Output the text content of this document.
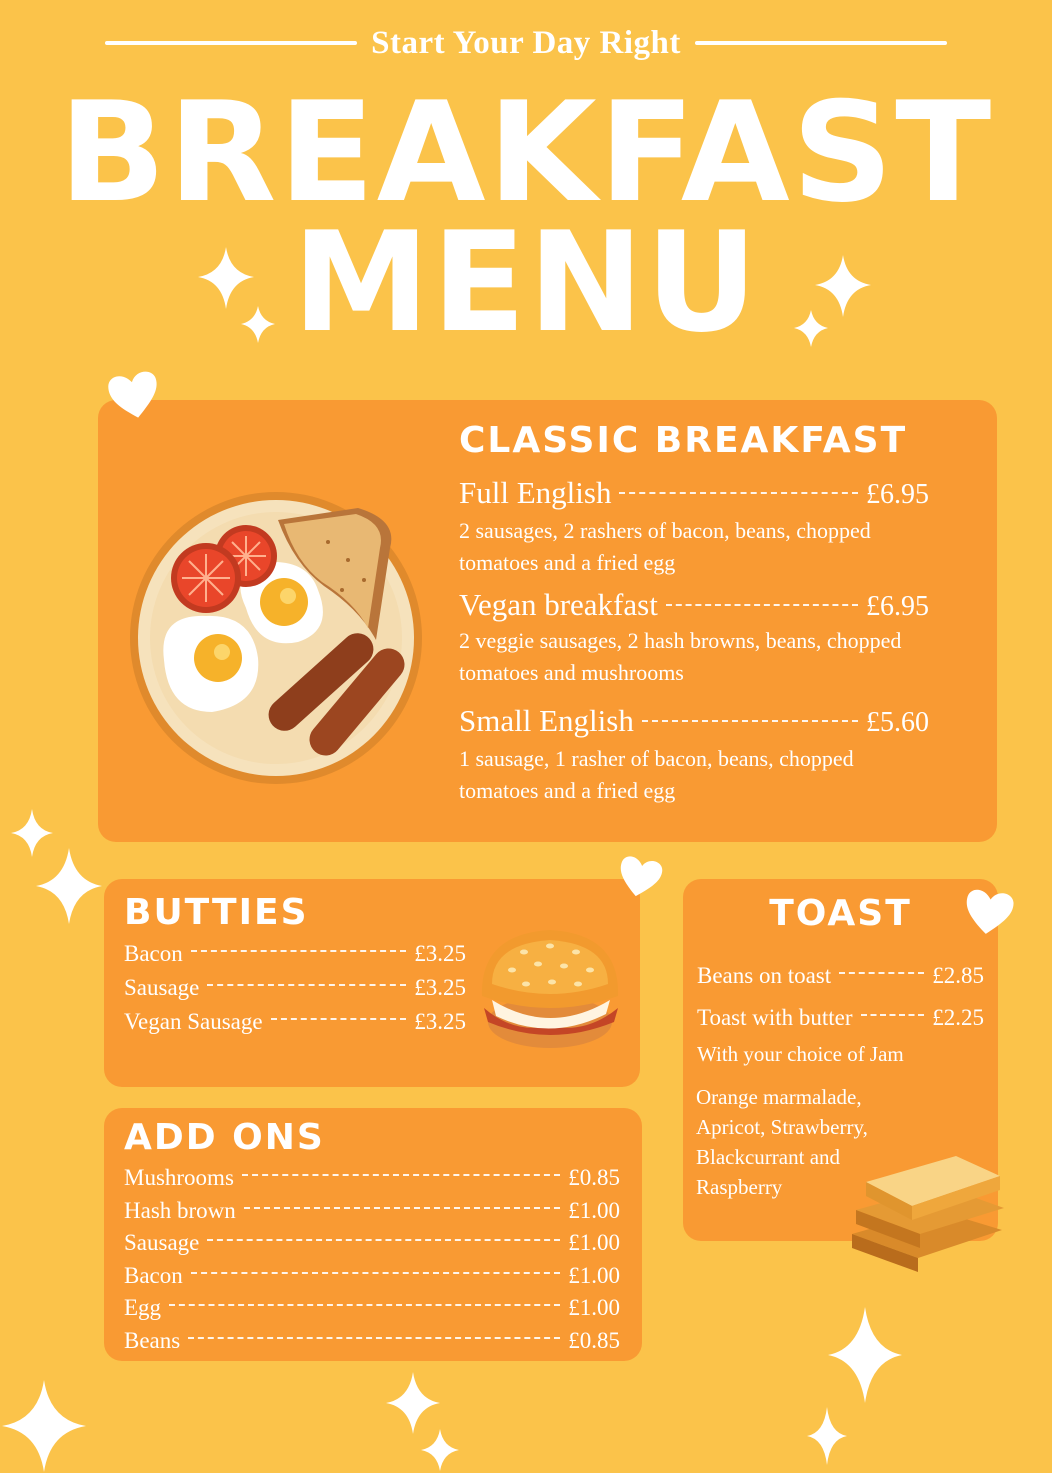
Start Your Day Right
BREAKFAST
MENU
CLASSIC BREAKFAST
Full English	£6.95
2 sausages, 2 rashers of bacon, beans, chopped tomatoes and a fried egg
Vegan breakfast	£6.95
2 veggie sausages, 2 hash browns, beans, chopped tomatoes and mushrooms
Small English	£5.60
1 sausage, 1 rasher of bacon, beans, chopped tomatoes and a fried egg
BUTTIES
Bacon	£3.25
Sausage	£3.25
Vegan Sausage	£3.25
ADD ONS
Mushrooms	£0.85
Hash brown	£1.00
Sausage	£1.00
Bacon	£1.00
Egg	£1.00
Beans	£0.85
TOAST
Beans on toast	£2.85
Toast with butter	£2.25
With your choice of Jam
Orange marmalade,
Apricot, Strawberry,
Blackcurrant and
Raspberry
